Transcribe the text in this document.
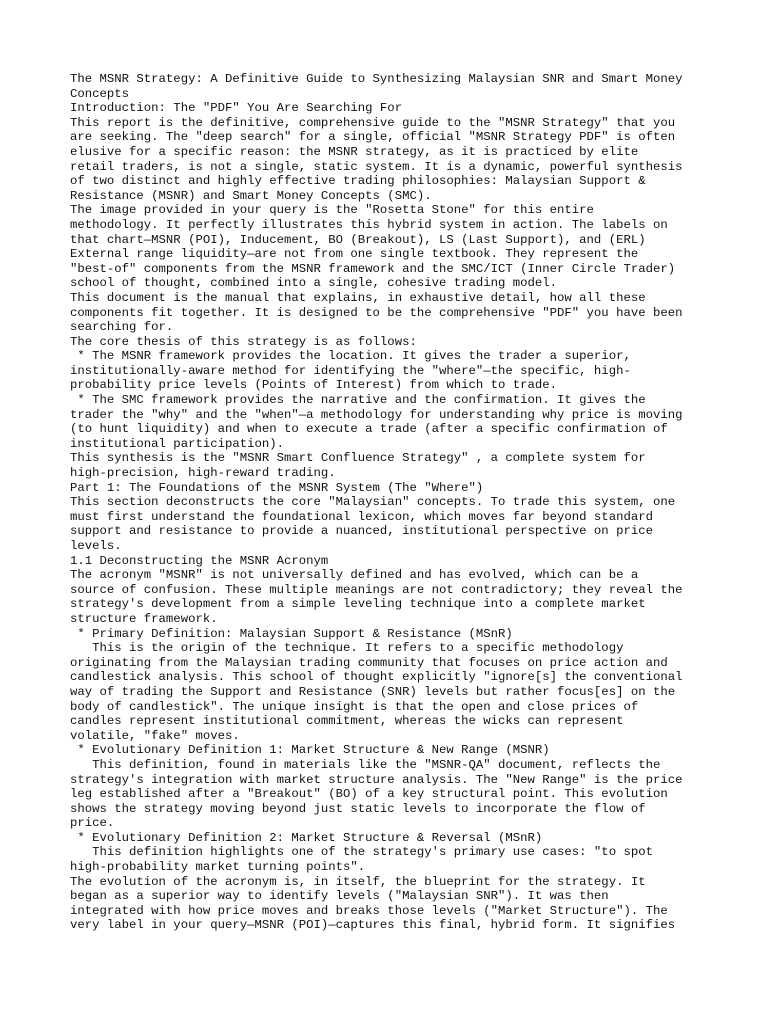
The MSNR Strategy: A Definitive Guide to Synthesizing Malaysian SNR and Smart Money
Concepts
Introduction: The "PDF" You Are Searching For
This report is the definitive, comprehensive guide to the "MSNR Strategy" that you
are seeking. The "deep search" for a single, official "MSNR Strategy PDF" is often
elusive for a specific reason: the MSNR strategy, as it is practiced by elite
retail traders, is not a single, static system. It is a dynamic, powerful synthesis
of two distinct and highly effective trading philosophies: Malaysian Support &
Resistance (MSNR) and Smart Money Concepts (SMC).
The image provided in your query is the "Rosetta Stone" for this entire
methodology. It perfectly illustrates this hybrid system in action. The labels on
that chart—MSNR (POI), Inducement, BO (Breakout), LS (Last Support), and (ERL)
External range liquidity—are not from one single textbook. They represent the
"best-of" components from the MSNR framework and the SMC/ICT (Inner Circle Trader)
school of thought, combined into a single, cohesive trading model.
This document is the manual that explains, in exhaustive detail, how all these
components fit together. It is designed to be the comprehensive "PDF" you have been
searching for.
The core thesis of this strategy is as follows:
* The MSNR framework provides the location. It gives the trader a superior,
institutionally-aware method for identifying the "where"—the specific, high-
probability price levels (Points of Interest) from which to trade.
* The SMC framework provides the narrative and the confirmation. It gives the
trader the "why" and the "when"—a methodology for understanding why price is moving
(to hunt liquidity) and when to execute a trade (after a specific confirmation of
institutional participation).
This synthesis is the "MSNR Smart Confluence Strategy" , a complete system for
high-precision, high-reward trading.
Part 1: The Foundations of the MSNR System (The "Where")
This section deconstructs the core "Malaysian" concepts. To trade this system, one
must first understand the foundational lexicon, which moves far beyond standard
support and resistance to provide a nuanced, institutional perspective on price
levels.
1.1 Deconstructing the MSNR Acronym
The acronym "MSNR" is not universally defined and has evolved, which can be a
source of confusion. These multiple meanings are not contradictory; they reveal the
strategy's development from a simple leveling technique into a complete market
structure framework.
* Primary Definition: Malaysian Support & Resistance (MSnR)
This is the origin of the technique. It refers to a specific methodology
originating from the Malaysian trading community that focuses on price action and
candlestick analysis. This school of thought explicitly "ignore[s] the conventional
way of trading the Support and Resistance (SNR) levels but rather focus[es] on the
body of candlestick". The unique insight is that the open and close prices of
candles represent institutional commitment, whereas the wicks can represent
volatile, "fake" moves.
* Evolutionary Definition 1: Market Structure & New Range (MSNR)
This definition, found in materials like the "MSNR-QA" document, reflects the
strategy's integration with market structure analysis. The "New Range" is the price
leg established after a "Breakout" (BO) of a key structural point. This evolution
shows the strategy moving beyond just static levels to incorporate the flow of
price.
* Evolutionary Definition 2: Market Structure & Reversal (MSnR)
This definition highlights one of the strategy's primary use cases: "to spot
high-probability market turning points".
The evolution of the acronym is, in itself, the blueprint for the strategy. It
began as a superior way to identify levels ("Malaysian SNR"). It was then
integrated with how price moves and breaks those levels ("Market Structure"). The
very label in your query—MSNR (POI)—captures this final, hybrid form. It signifies
